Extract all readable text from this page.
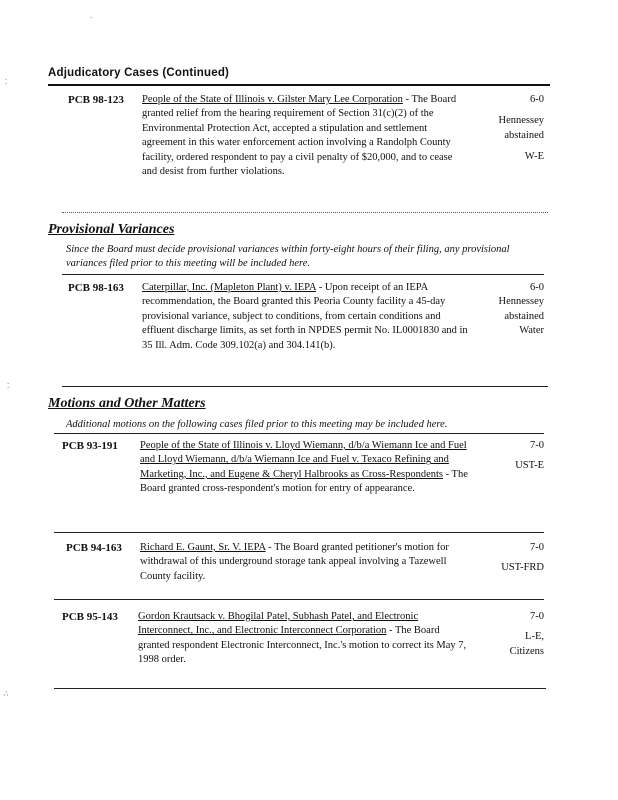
·
⁚
⁚
∴
Adjudicatory Cases (Continued)
PCB 98-123 People of the State of Illinois v. Gilster Mary Lee Corporation - The Board granted relief from the hearing requirement of Section 31(c)(2) of the Environmental Protection Act, accepted a stipulation and settlement agreement in this water enforcement action involving a Randolph County facility, ordered respondent to pay a civil penalty of $20,000, and to cease and desist from further violations.
6-0
Hennessey
abstained
W-E
Provisional Variances
Since the Board must decide provisional variances within forty-eight hours of their filing, any provisional variances filed prior to this meeting will be included here.
PCB 98-163 Caterpillar, Inc. (Mapleton Plant) v. IEPA - Upon receipt of an IEPA recommendation, the Board granted this Peoria County facility a 45-day provisional variance, subject to conditions, from certain conditions and effluent discharge limits, as set forth in NPDES permit No. IL0001830 and in 35 Ill. Adm. Code 309.102(a) and 304.141(b).
6-0
Hennessey
abstained
Water
Motions and Other Matters
Additional motions on the following cases filed prior to this meeting may be included here.
PCB 93-191 People of the State of Illinois v. Lloyd Wiemann, d/b/a Wiemann Ice and Fuel and Lloyd Wiemann, d/b/a Wiemann Ice and Fuel v. Texaco Refining and Marketing, Inc., and Eugene & Cheryl Halbrooks as Cross-Respondents - The Board granted cross-respondent's motion for entry of appearance.
7-0
UST-E
PCB 94-163 Richard E. Gaunt, Sr. V. IEPA - The Board granted petitioner's motion for withdrawal of this underground storage tank appeal involving a Tazewell County facility.
7-0
UST-FRD
PCB 95-143 Gordon Krautsack v. Bhogilal Patel, Subhash Patel, and Electronic Interconnect, Inc., and Electronic Interconnect Corporation - The Board granted respondent Electronic Interconnect, Inc.'s motion to correct its May 7, 1998 order.
7-0
L-E,
Citizens
